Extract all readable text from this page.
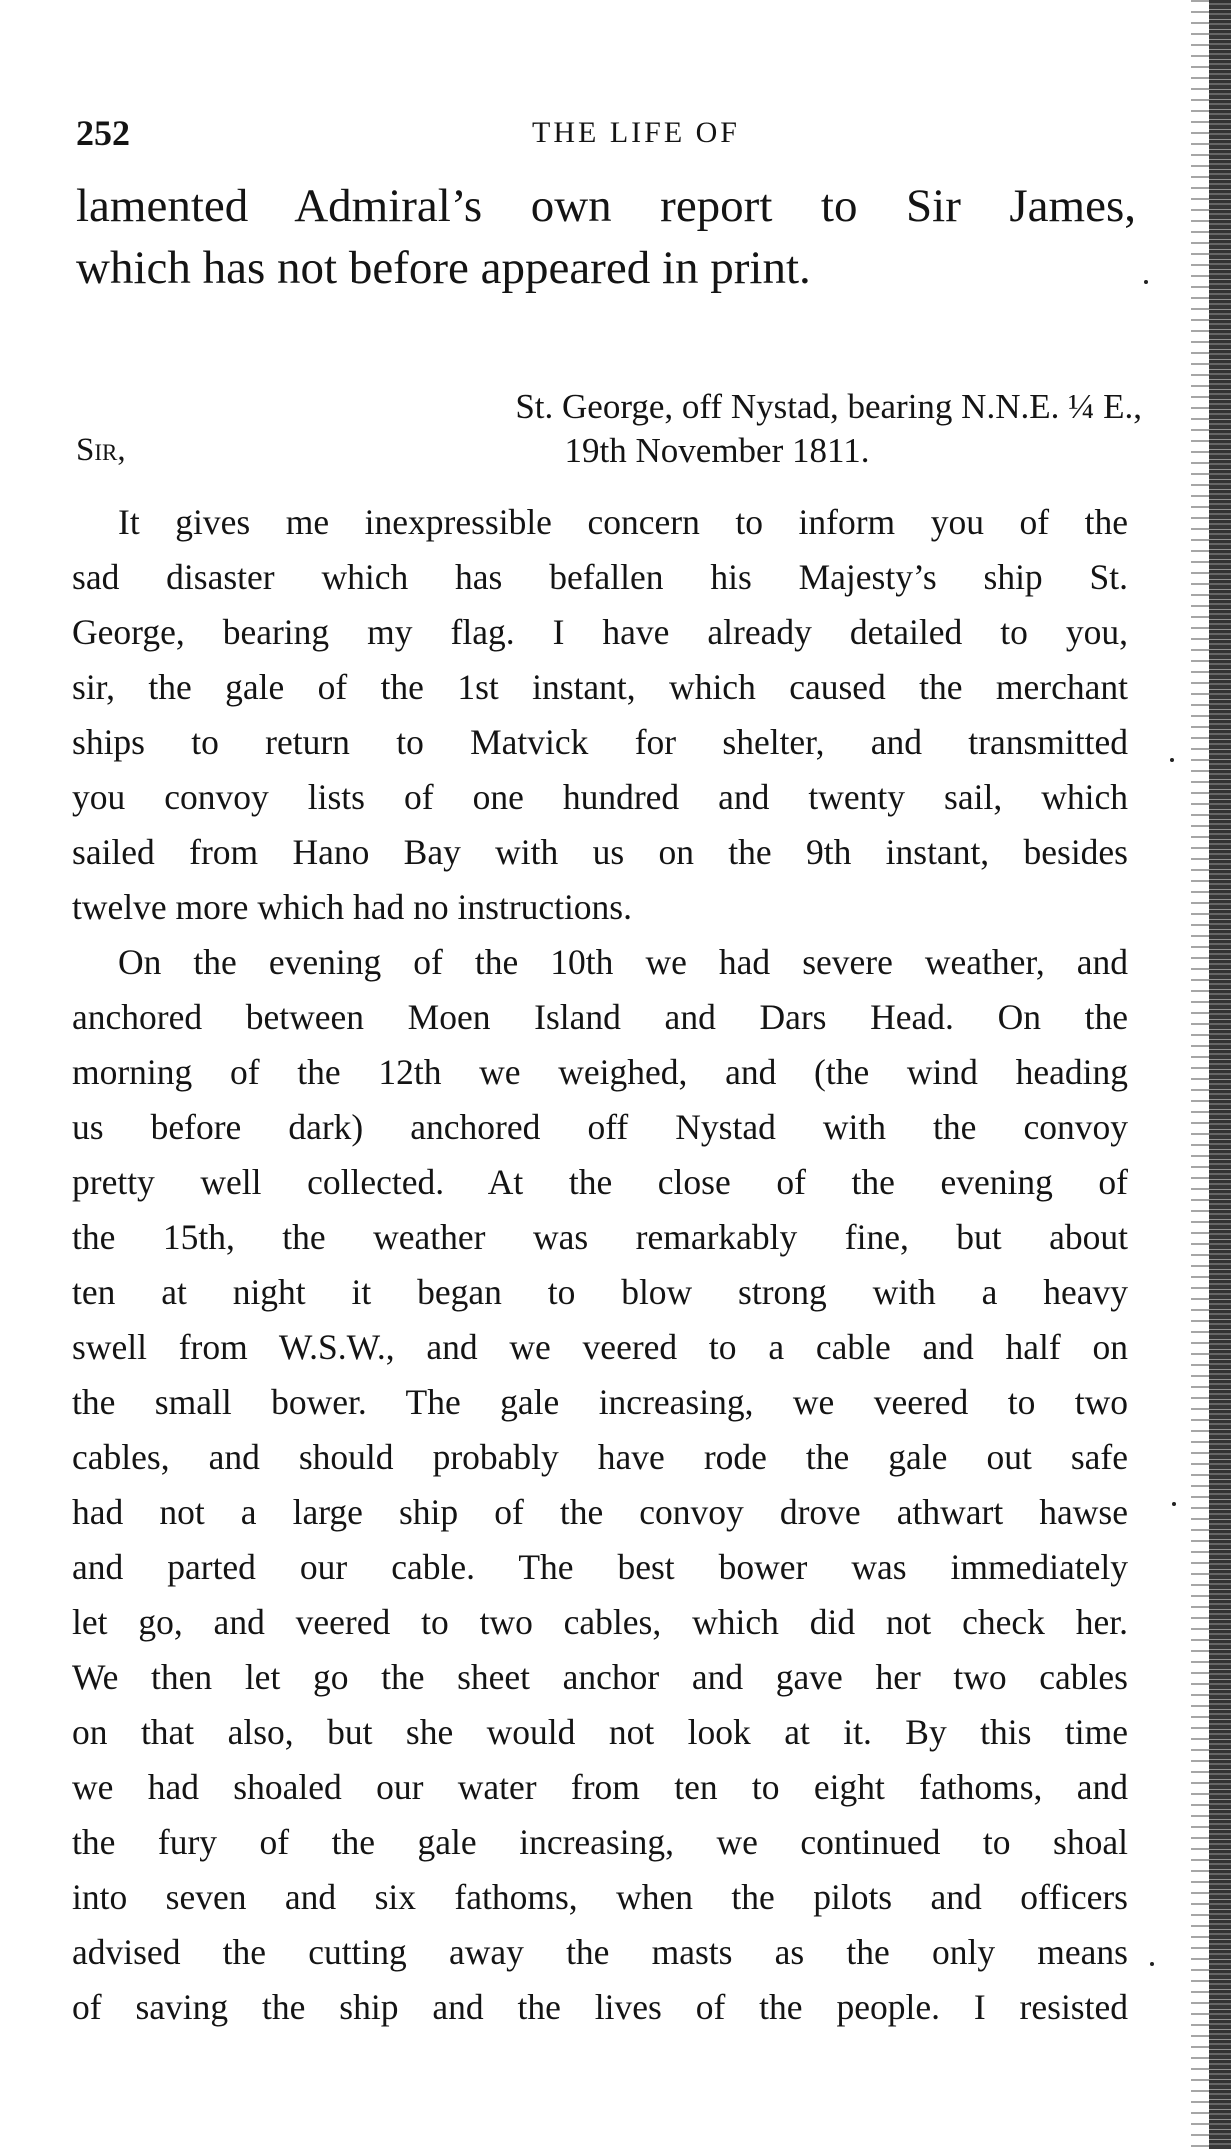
252	THE LIFE OF
lamented Admiral’s own report to Sir James,
which has not before appeared in print.
St. George, off Nystad, bearing N.N.E. ¼ E.,
19th November 1811.
Sir,
It gives me inexpressible concern to inform you of the
sad disaster which has befallen his Majesty’s ship St.
George, bearing my flag. I have already detailed to you,
sir, the gale of the 1st instant, which caused the merchant
ships to return to Matvick for shelter, and transmitted
you convoy lists of one hundred and twenty sail, which
sailed from Hano Bay with us on the 9th instant, besides
twelve more which had no instructions.
On the evening of the 10th we had severe weather, and
anchored between Moen Island and Dars Head. On the
morning of the 12th we weighed, and (the wind heading
us before dark) anchored off Nystad with the convoy
pretty well collected. At the close of the evening of
the 15th, the weather was remarkably fine, but about
ten at night it began to blow strong with a heavy
swell from W.S.W., and we veered to a cable and half on
the small bower. The gale increasing, we veered to two
cables, and should probably have rode the gale out safe
had not a large ship of the convoy drove athwart hawse
and parted our cable. The best bower was immediately
let go, and veered to two cables, which did not check her.
We then let go the sheet anchor and gave her two cables
on that also, but she would not look at it. By this time
we had shoaled our water from ten to eight fathoms, and
the fury of the gale increasing, we continued to shoal
into seven and six fathoms, when the pilots and officers
advised the cutting away the masts as the only means
of saving the ship and the lives of the people. I resisted
